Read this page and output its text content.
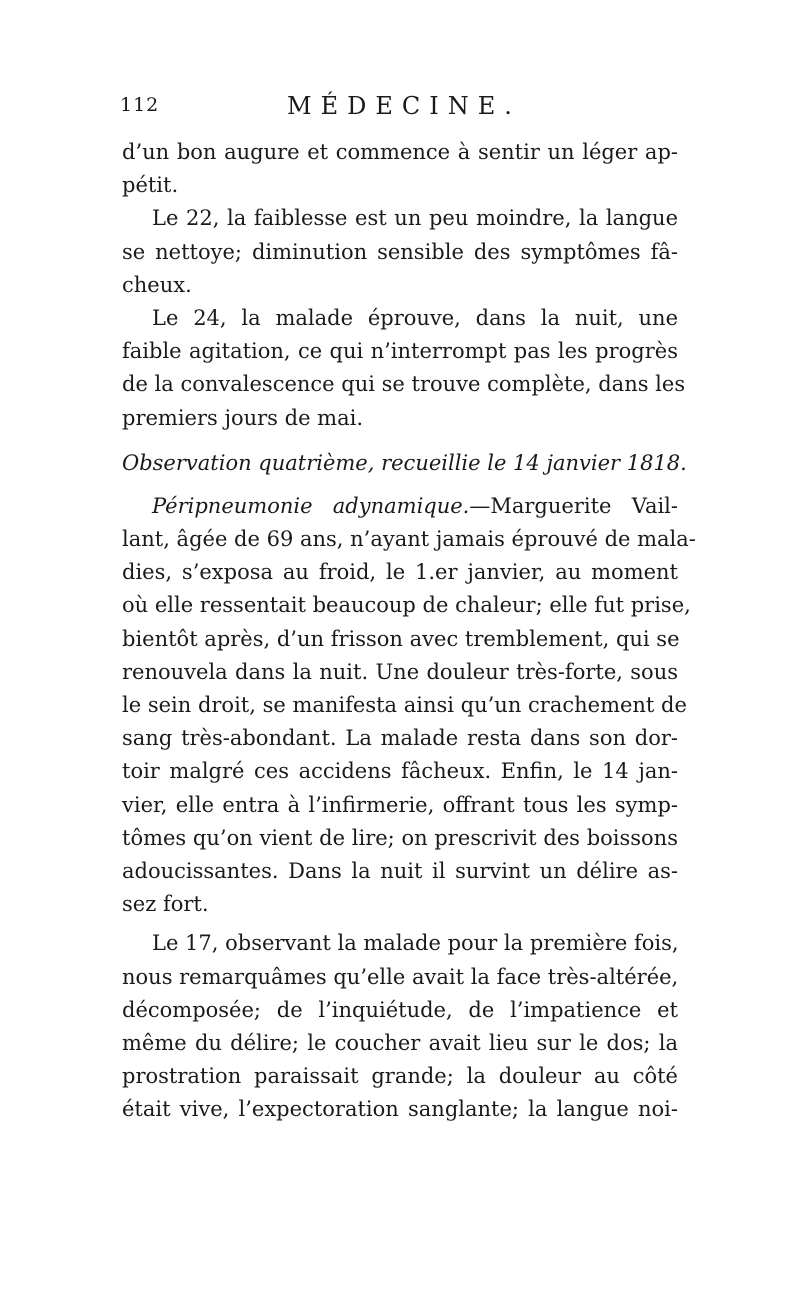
112	MÉDECINE.
d’un bon augure et commence à sentir un léger ap-
pétit.
Le 22, la faiblesse est un peu moindre, la langue
se nettoye; diminution sensible des symptômes fâ-
cheux.
Le 24, la malade éprouve, dans la nuit, une
faible agitation, ce qui n’interrompt pas les progrès
de la convalescence qui se trouve complète, dans les
premiers jours de mai.
Observation quatrième, recueillie le 14 janvier 1818.
Péripneumonie adynamique.—Marguerite Vail-
lant, âgée de 69 ans, n’ayant jamais éprouvé de mala-
dies, s’exposa au froid, le 1.er janvier, au moment
où elle ressentait beaucoup de chaleur; elle fut prise,
bientôt après, d’un frisson avec tremblement, qui se
renouvela dans la nuit. Une douleur très-forte, sous
le sein droit, se manifesta ainsi qu’un crachement de
sang très-abondant. La malade resta dans son dor-
toir malgré ces accidens fâcheux. Enfin, le 14 jan-
vier, elle entra à l’infirmerie, offrant tous les symp-
tômes qu’on vient de lire; on prescrivit des boissons
adoucissantes. Dans la nuit il survint un délire as-
sez fort.
Le 17, observant la malade pour la première fois,
nous remarquâmes qu’elle avait la face très-altérée,
décomposée; de l’inquiétude, de l’impatience et
même du délire; le coucher avait lieu sur le dos; la
prostration paraissait grande; la douleur au côté
était vive, l’expectoration sanglante; la langue noi-
